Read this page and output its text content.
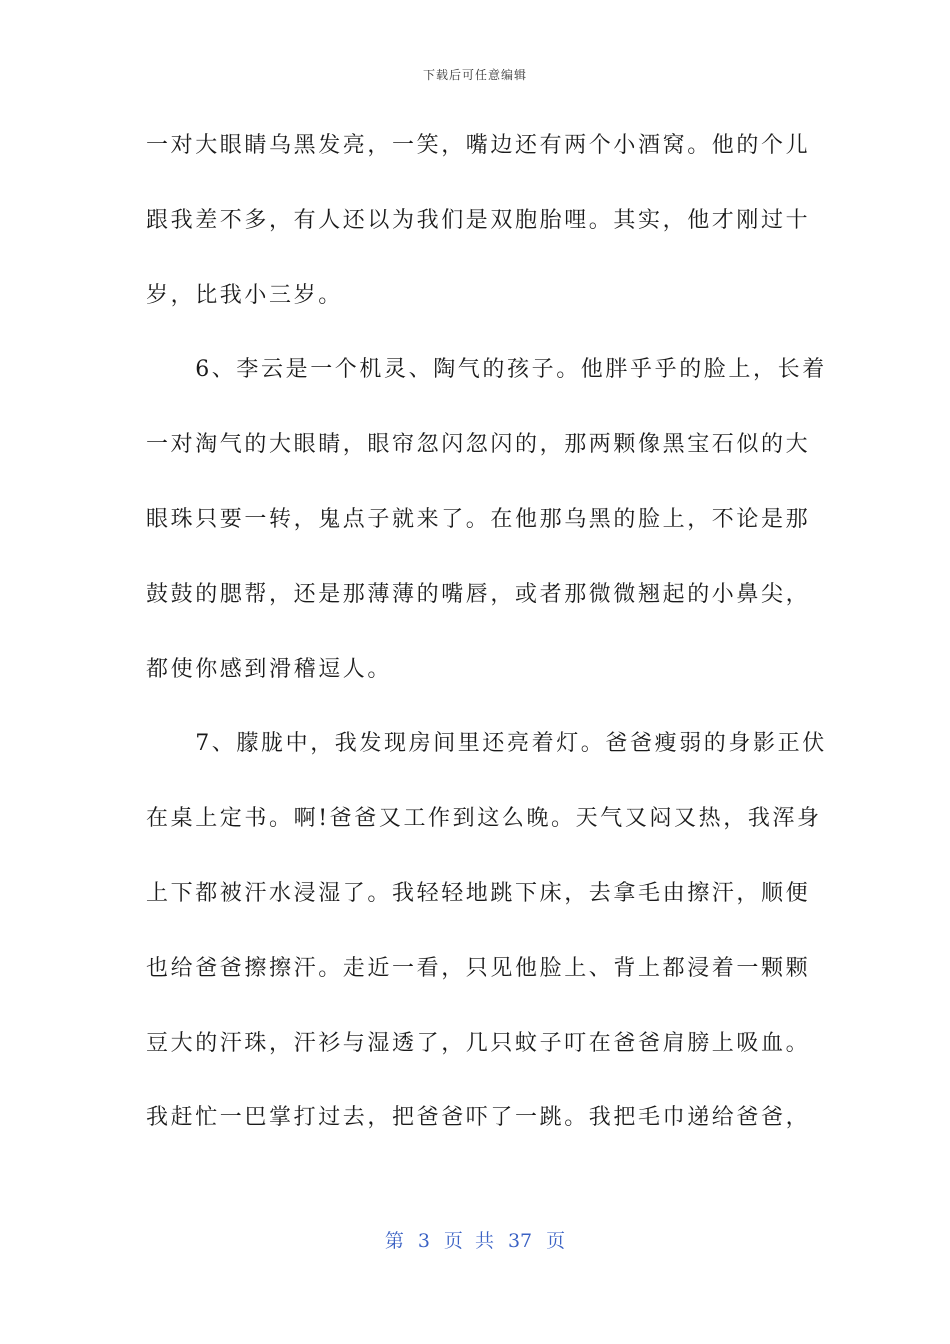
下载后可任意编辑
一对大眼睛乌黑发亮，一笑，嘴边还有两个小酒窝。他的个儿
跟我差不多，有人还以为我们是双胞胎哩。其实，他才刚过十
岁，比我小三岁。
　　6、李云是一个机灵、陶气的孩子。他胖乎乎的脸上，长着
一对淘气的大眼睛，眼帘忽闪忽闪的，那两颗像黑宝石似的大
眼珠只要一转，鬼点子就来了。在他那乌黑的脸上，不论是那
鼓鼓的腮帮，还是那薄薄的嘴唇，或者那微微翘起的小鼻尖，
都使你感到滑稽逗人。
　　7、朦胧中，我发现房间里还亮着灯。爸爸瘦弱的身影正伏
在桌上定书。啊!爸爸又工作到这么晚。天气又闷又热，我浑身
上下都被汗水浸湿了。我轻轻地跳下床，去拿毛由擦汗，顺便
也给爸爸擦擦汗。走近一看，只见他脸上、背上都浸着一颗颗
豆大的汗珠，汗衫与湿透了，几只蚊子叮在爸爸肩膀上吸血。
我赶忙一巴掌打过去，把爸爸吓了一跳。我把毛巾递给爸爸，
第 3 页 共 37 页
